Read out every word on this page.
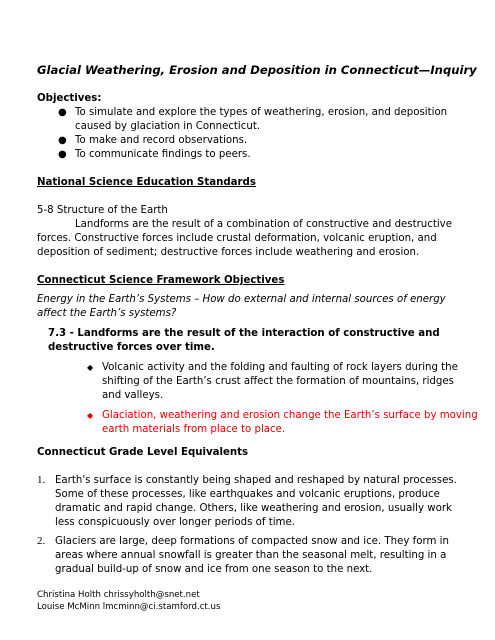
Glacial Weathering, Erosion and Deposition in Connecticut—Inquiry
Objectives:
● To simulate and explore the types of weathering, erosion, and deposition
caused by glaciation in Connecticut.
● To make and record observations.
● To communicate findings to peers.
National Science Education Standards
5-8 Structure of the Earth
Landforms are the result of a combination of constructive and destructive
forces. Constructive forces include crustal deformation, volcanic eruption, and
deposition of sediment; destructive forces include weathering and erosion.
Connecticut Science Framework Objectives
Energy in the Earth’s Systems – How do external and internal sources of energy
affect the Earth’s systems?
7.3 - Landforms are the result of the interaction of constructive and
destructive forces over time.
◆ Volcanic activity and the folding and faulting of rock layers during the
shifting of the Earth’s crust affect the formation of mountains, ridges
and valleys.
◆ Glaciation, weathering and erosion change the Earth’s surface by moving
earth materials from place to place.
Connecticut Grade Level Equivalents
1. Earth's surface is constantly being shaped and reshaped by natural processes.
Some of these processes, like earthquakes and volcanic eruptions, produce
dramatic and rapid change. Others, like weathering and erosion, usually work
less conspicuously over longer periods of time.
2. Glaciers are large, deep formations of compacted snow and ice. They form in
areas where annual snowfall is greater than the seasonal melt, resulting in a
gradual build-up of snow and ice from one season to the next.
Christina Holth chrissyholth@snet.net
Louise McMinn lmcminn@ci.stamford.ct.us
